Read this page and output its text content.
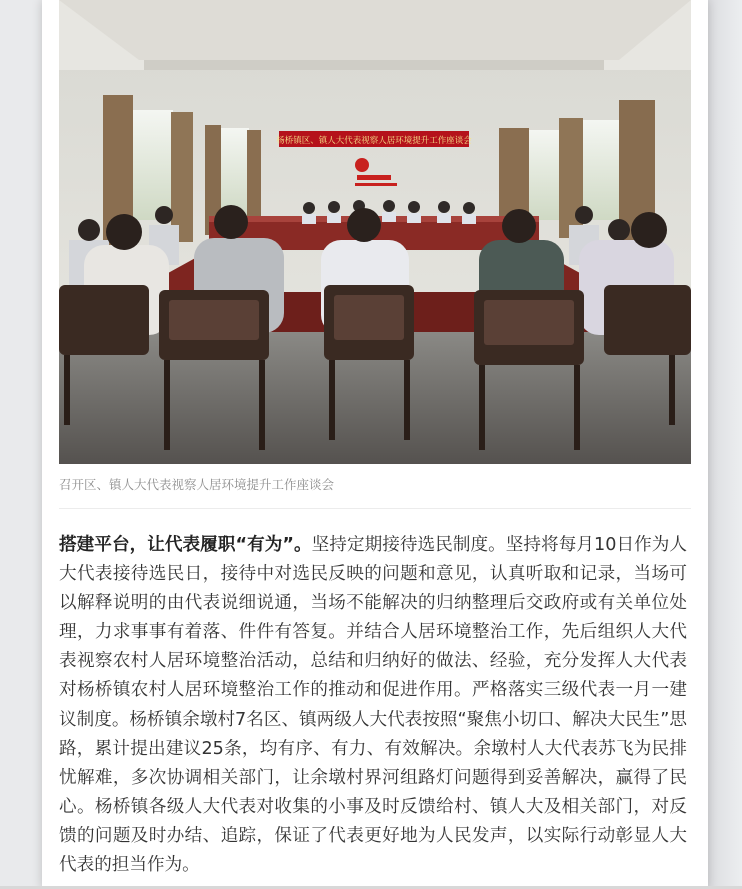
杨桥镇区、镇人大代表视察人居环境提升工作座谈会
召开区、镇人大代表视察人居环境提升工作座谈会

搭建平台，让代表履职“有为”。坚持定期接待选民制度。坚持将每月10日作为人大代表接待选民日，接待中对选民反映的问题和意见，认真听取和记录，当场可以解释说明的由代表说细说通，当场不能解决的归纳整理后交政府或有关单位处理，力求事事有着落、件件有答复。并结合人居环境整治工作，先后组织人大代表视察农村人居环境整治活动，总结和归纳好的做法、经验，充分发挥人大代表对杨桥镇农村人居环境整治工作的推动和促进作用。严格落实三级代表一月一建议制度。杨桥镇余墩村7名区、镇两级人大代表按照“聚焦小切口、解决大民生”思路，累计提出建议25条，均有序、有力、有效解决。余墩村人大代表苏飞为民排忧解难，多次协调相关部门，让余墩村界河组路灯问题得到妥善解决，赢得了民心。杨桥镇各级人大代表对收集的小事及时反馈给村、镇人大及相关部门，对反馈的问题及时办结、追踪，保证了代表更好地为人民发声，以实际行动彰显人大代表的担当作为。
